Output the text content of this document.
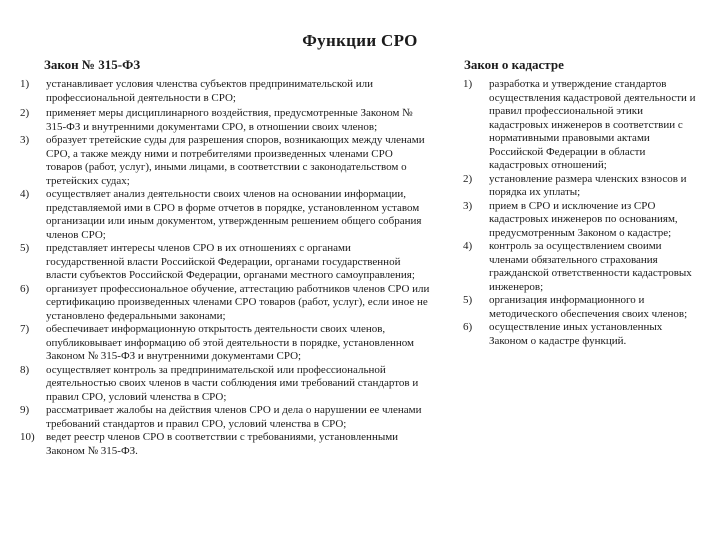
Функции СРО
Закон № 315-ФЗ	Закон о кадастре
1) устанавливает условия членства субъектов предпринимательской или профессиональной деятельности в СРО;
2) применяет меры дисциплинарного воздействия, предусмотренные Законом № 315-ФЗ и внутренними документами СРО, в отношении своих членов;
3) образует третейские суды для разрешения споров, возникающих между членами СРО, а также между ними и потребителями произведенных членами СРО товаров (работ, услуг), иными лицами, в соответствии с законодательством о третейских судах;
4) осуществляет анализ деятельности своих членов на основании информации, представляемой ими в СРО в форме отчетов в порядке, установленном уставом организации или иным документом, утвержденным решением общего собрания членов СРО;
5) представляет интересы членов СРО в их отношениях с органами государственной власти Российской Федерации, органами государственной власти субъектов Российской Федерации, органами местного самоуправления;
6) организует профессиональное обучение, аттестацию работников членов СРО или сертификацию произведенных членами СРО товаров (работ, услуг), если иное не установлено федеральными законами;
7) обеспечивает информационную открытость деятельности своих членов, опубликовывает информацию об этой деятельности в порядке, установленном Законом № 315-ФЗ и внутренними документами СРО;
8) осуществляет контроль за предпринимательской или профессиональной деятельностью своих членов в части соблюдения ими требований стандартов и правил СРО, условий членства в СРО;
9) рассматривает жалобы на действия членов СРО и дела о нарушении ее членами требований стандартов и правил СРО, условий членства в СРО;
10) ведет реестр членов СРО в соответствии с требованиями, установленными Законом № 315-ФЗ.
1) разработка и утверждение стандартов осуществления кадастровой деятельности и правил профессиональной этики кадастровых инженеров в соответствии с нормативными правовыми актами Российской Федерации в области кадастровых отношений;
2) установление размера членских взносов и порядка их уплаты;
3) прием в СРО и исключение из СРО кадастровых инженеров по основаниям, предусмотренным Законом о кадастре;
4) контроль за осуществлением своими членами обязательного страхования гражданской ответственности кадастровых инженеров;
5) организация информационного и методического обеспечения своих членов;
6) осуществление иных установленных Законом о кадастре функций.
